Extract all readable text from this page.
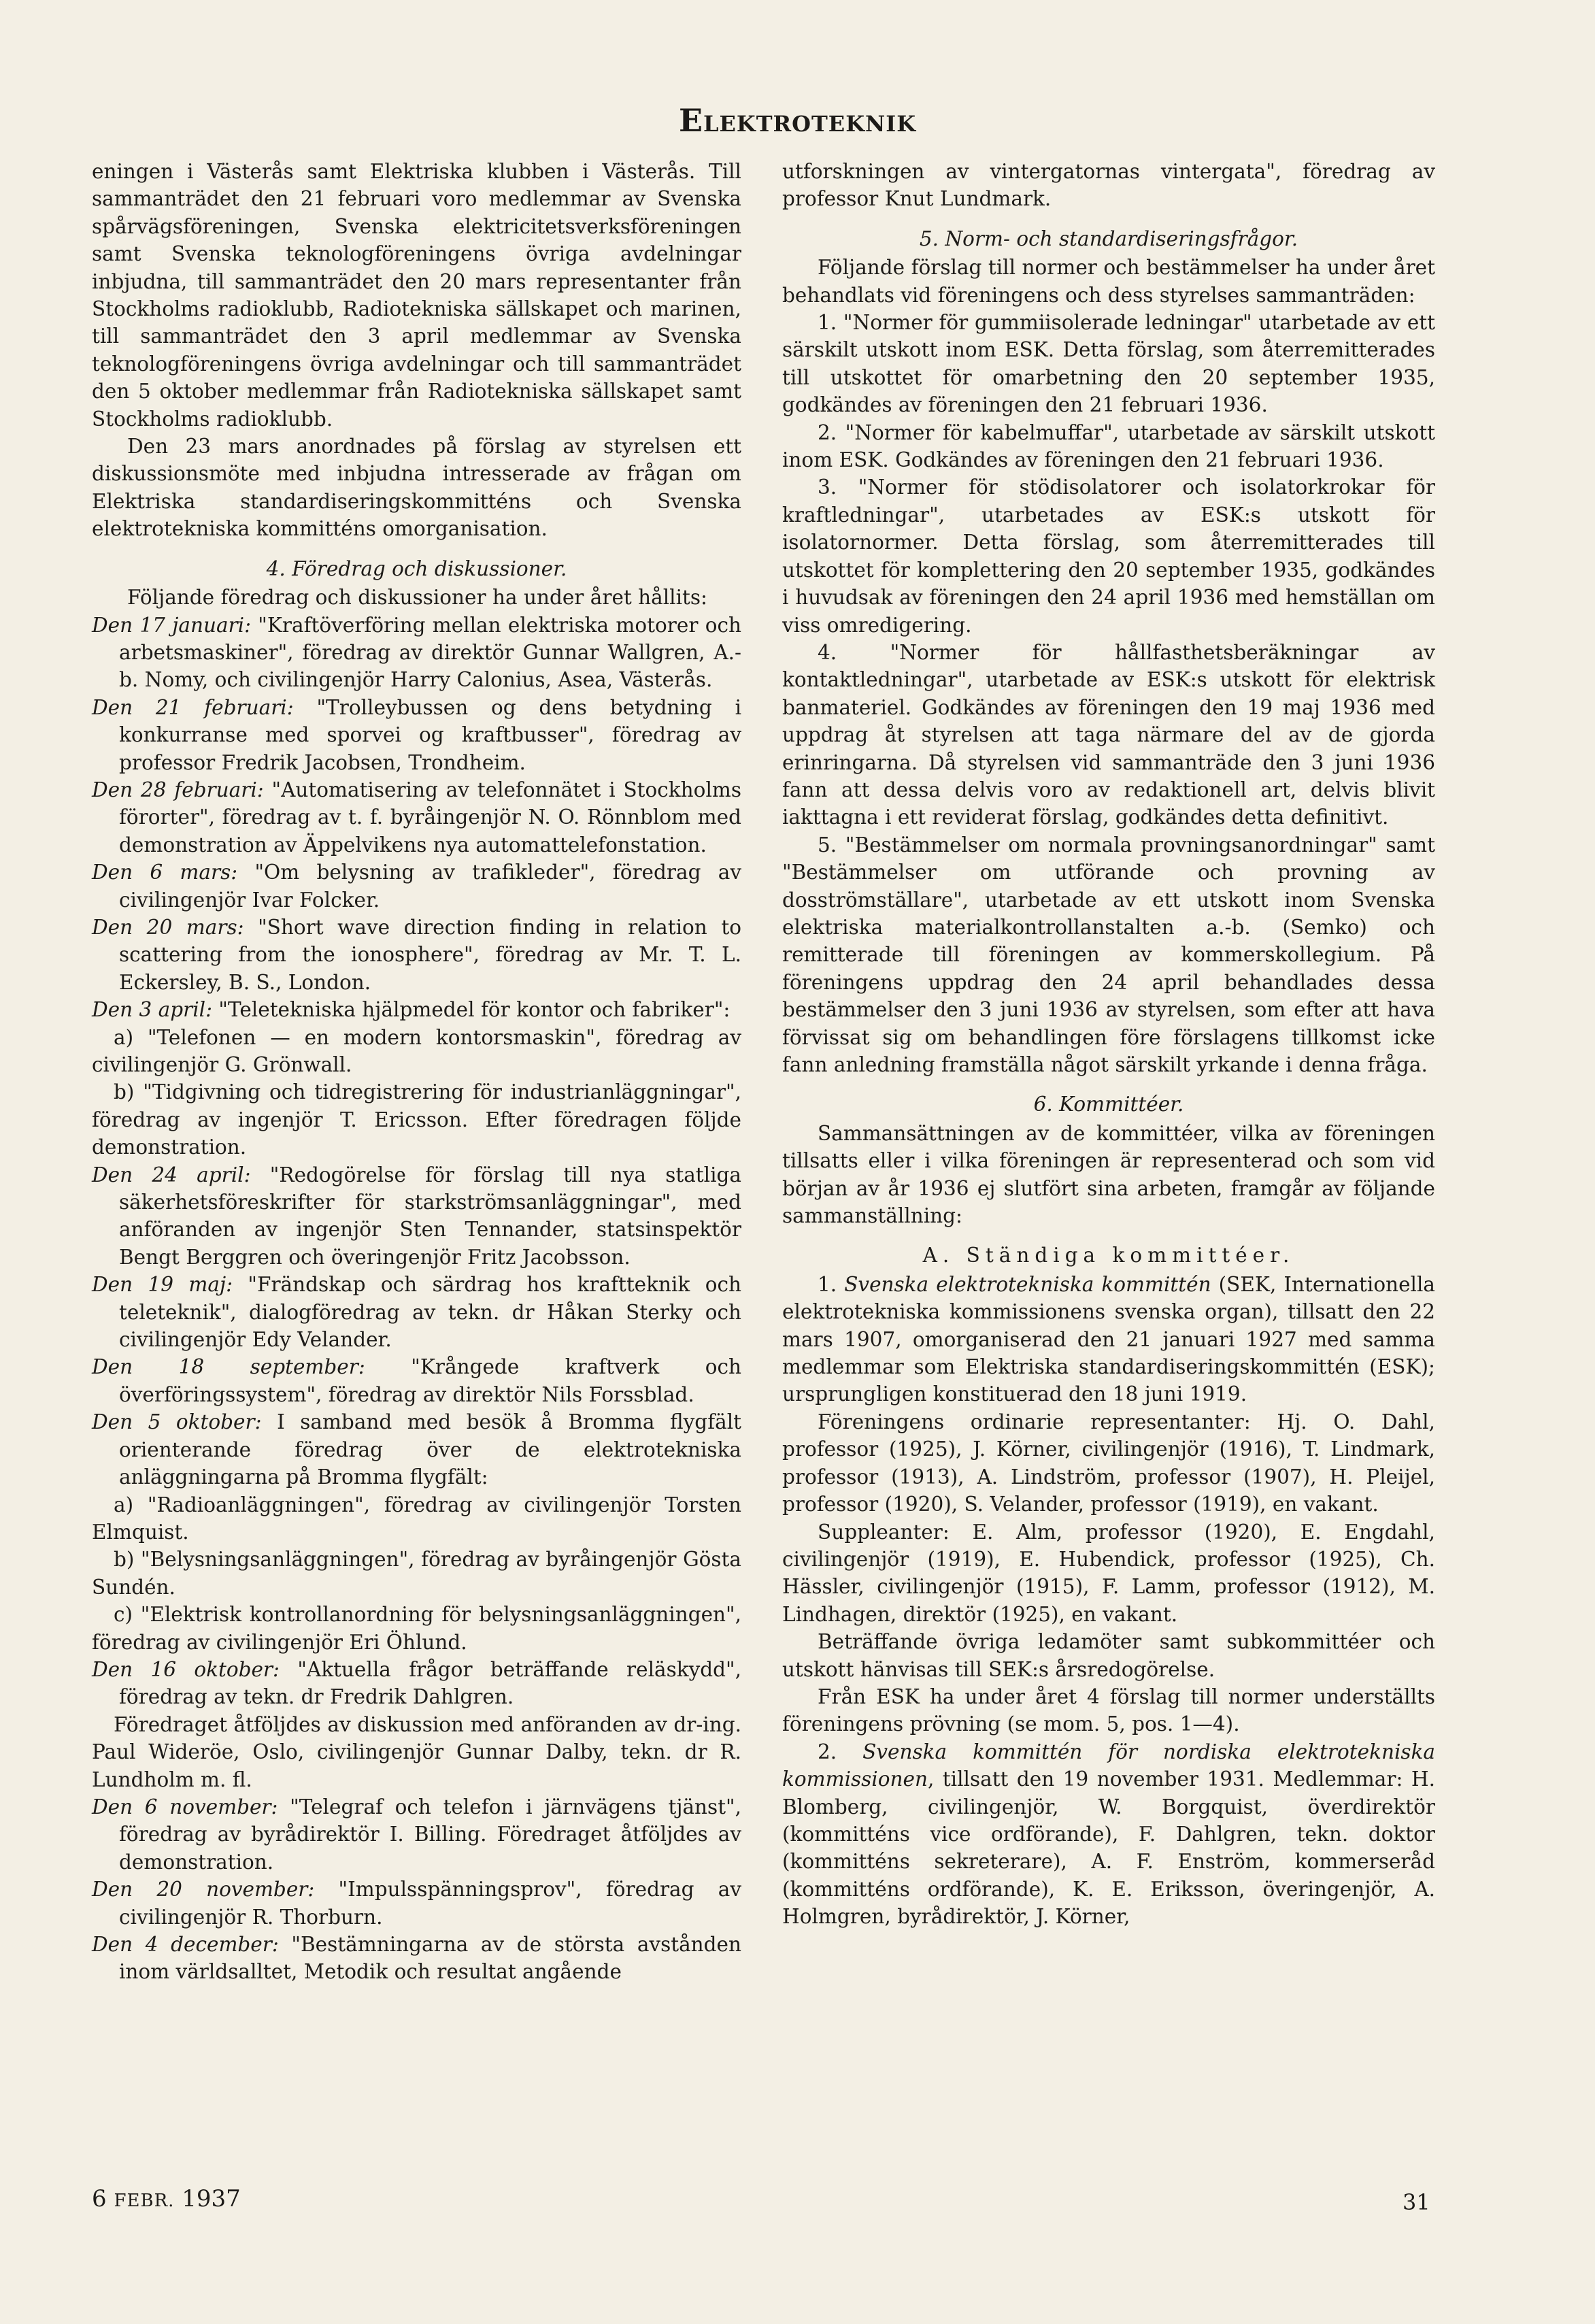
Elektroteknik

eningen i Västerås samt Elektriska klubben i Västerås. Till sammanträdet den 21 februari voro medlemmar av Svenska spårvägsföreningen, Svenska elektricitetsverksföreningen samt Svenska teknologföreningens övriga avdelningar inbjudna, till sammanträdet den 20 mars representanter från Stockholms radioklubb, Radiotekniska sällskapet och marinen, till sammanträdet den 3 april medlemmar av Svenska teknologföreningens övriga avdelningar och till sammanträdet den 5 oktober medlemmar från Radiotekniska sällskapet samt Stockholms radioklubb.

Den 23 mars anordnades på förslag av styrelsen ett diskussionsmöte med inbjudna intresserade av frågan om Elektriska standardiseringskommitténs och Svenska elektrotekniska kommitténs omorganisation.

4. Föredrag och diskussioner.

Följande föredrag och diskussioner ha under året hållits:

Den 17 januari: "Kraftöverföring mellan elektriska motorer och arbetsmaskiner", föredrag av direktör Gunnar Wallgren, A.-b. Nomy, och civilingenjör Harry Calonius, Asea, Västerås.

Den 21 februari: "Trolleybussen og dens betydning i konkurranse med sporvei og kraftbusser", föredrag av professor Fredrik Jacobsen, Trondheim.

Den 28 februari: "Automatisering av telefonnätet i Stockholms förorter", föredrag av t. f. byråingenjör N. O. Rönnblom med demonstration av Äppelvikens nya automattelefonstation.

Den 6 mars: "Om belysning av trafikleder", föredrag av civilingenjör Ivar Folcker.

Den 20 mars: "Short wave direction finding in relation to scattering from the ionosphere", föredrag av Mr. T. L. Eckersley, B. S., London.

Den 3 april: "Teletekniska hjälpmedel för kontor och fabriker":

a) "Telefonen — en modern kontorsmaskin", föredrag av civilingenjör G. Grönwall.

b) "Tidgivning och tidregistrering för industrianläggningar", föredrag av ingenjör T. Ericsson. Efter föredragen följde demonstration.

Den 24 april: "Redogörelse för förslag till nya statliga säkerhetsföreskrifter för starkströmsanläggningar", med anföranden av ingenjör Sten Tennander, statsinspektör Bengt Berggren och överingenjör Fritz Jacobsson.

Den 19 maj: "Frändskap och särdrag hos kraftteknik och teleteknik", dialogföredrag av tekn. dr Håkan Sterky och civilingenjör Edy Velander.

Den 18 september: "Krångede kraftverk och överföringssystem", föredrag av direktör Nils Forssblad.

Den 5 oktober: I samband med besök å Bromma flygfält orienterande föredrag över de elektrotekniska anläggningarna på Bromma flygfält:

a) "Radioanläggningen", föredrag av civilingenjör Torsten Elmquist.

b) "Belysningsanläggningen", föredrag av byråingenjör Gösta Sundén.

c) "Elektrisk kontrollanordning för belysningsanläggningen", föredrag av civilingenjör Eri Öhlund.

Den 16 oktober: "Aktuella frågor beträffande reläskydd", föredrag av tekn. dr Fredrik Dahlgren.

Föredraget åtföljdes av diskussion med anföranden av dr-ing. Paul Wideröe, Oslo, civilingenjör Gunnar Dalby, tekn. dr R. Lundholm m. fl.

Den 6 november: "Telegraf och telefon i järnvägens tjänst", föredrag av byrådirektör I. Billing. Föredraget åtföljdes av demonstration.

Den 20 november: "Impulsspänningsprov", föredrag av civilingenjör R. Thorburn.

Den 4 december: "Bestämningarna av de största avstånden inom världsalltet, Metodik och resultat angående

utforskningen av vintergatornas vintergata", föredrag av professor Knut Lundmark.

5. Norm- och standardiseringsfrågor.

Följande förslag till normer och bestämmelser ha under året behandlats vid föreningens och dess styrelses sammanträden:

1. "Normer för gummiisolerade ledningar" utarbetade av ett särskilt utskott inom ESK. Detta förslag, som återremitterades till utskottet för omarbetning den 20 september 1935, godkändes av föreningen den 21 februari 1936.

2. "Normer för kabelmuffar", utarbetade av särskilt utskott inom ESK. Godkändes av föreningen den 21 februari 1936.

3. "Normer för stödisolatorer och isolatorkrokar för kraftledningar", utarbetades av ESK:s utskott för isolatornormer. Detta förslag, som återremitterades till utskottet för komplettering den 20 september 1935, godkändes i huvudsak av föreningen den 24 april 1936 med hemställan om viss omredigering.

4. "Normer för hållfasthetsberäkningar av kontaktledningar", utarbetade av ESK:s utskott för elektrisk banmateriel. Godkändes av föreningen den 19 maj 1936 med uppdrag åt styrelsen att taga närmare del av de gjorda erinringarna. Då styrelsen vid sammanträde den 3 juni 1936 fann att dessa delvis voro av redaktionell art, delvis blivit iakttagna i ett reviderat förslag, godkändes detta definitivt.

5. "Bestämmelser om normala provningsanordningar" samt "Bestämmelser om utförande och provning av dosströmställare", utarbetade av ett utskott inom Svenska elektriska materialkontrollanstalten a.-b. (Semko) och remitterade till föreningen av kommerskollegium. På föreningens uppdrag den 24 april behandlades dessa bestämmelser den 3 juni 1936 av styrelsen, som efter att hava förvissat sig om behandlingen före förslagens tillkomst icke fann anledning framställa något särskilt yrkande i denna fråga.

6. Kommittéer.

Sammansättningen av de kommittéer, vilka av föreningen tillsatts eller i vilka föreningen är representerad och som vid början av år 1936 ej slutfört sina arbeten, framgår av följande sammanställning:

A. Ständiga kommittéer.

1. Svenska elektrotekniska kommittén (SEK, Internationella elektrotekniska kommissionens svenska organ), tillsatt den 22 mars 1907, omorganiserad den 21 januari 1927 med samma medlemmar som Elektriska standardiseringskommittén (ESK); ursprungligen konstituerad den 18 juni 1919.

Föreningens ordinarie representanter: Hj. O. Dahl, professor (1925), J. Körner, civilingenjör (1916), T. Lindmark, professor (1913), A. Lindström, professor (1907), H. Pleijel, professor (1920), S. Velander, professor (1919), en vakant.

Suppleanter: E. Alm, professor (1920), E. Engdahl, civilingenjör (1919), E. Hubendick, professor (1925), Ch. Hässler, civilingenjör (1915), F. Lamm, professor (1912), M. Lindhagen, direktör (1925), en vakant.

Beträffande övriga ledamöter samt subkommittéer och utskott hänvisas till SEK:s årsredogörelse.

Från ESK ha under året 4 förslag till normer underställts föreningens prövning (se mom. 5, pos. 1—4).

2. Svenska kommittén för nordiska elektrotekniska kommissionen, tillsatt den 19 november 1931. Medlemmar: H. Blomberg, civilingenjör, W. Borgquist, överdirektör (kommitténs vice ordförande), F. Dahlgren, tekn. doktor (kommitténs sekreterare), A. F. Enström, kommerseråd (kommitténs ordförande), K. E. Eriksson, överingenjör, A. Holmgren, byrådirektör, J. Körner,

6 FEBR. 1937	31
